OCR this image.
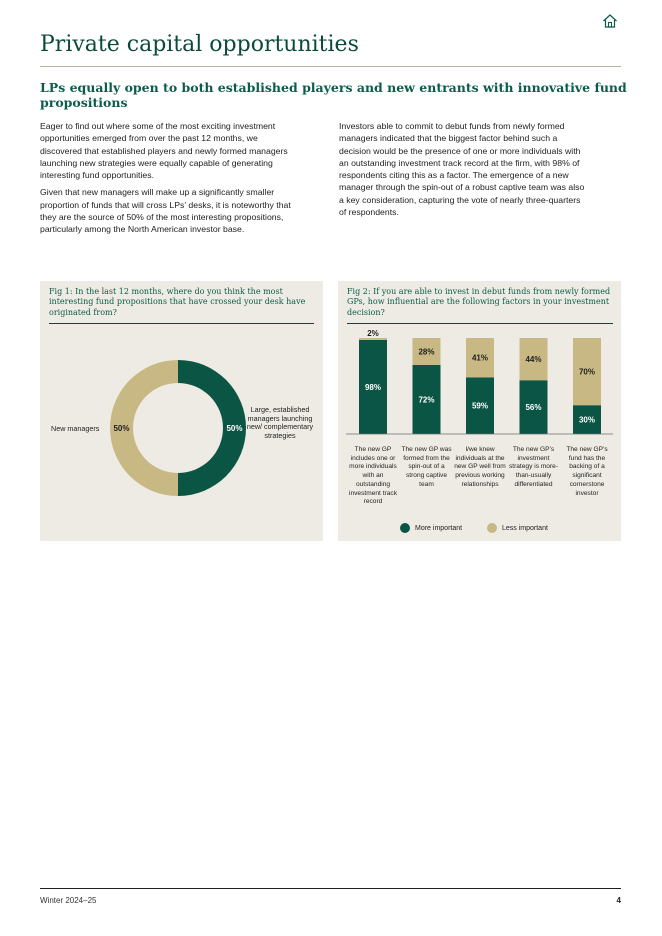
Private capital opportunities
LPs equally open to both established players and new entrants with innovative fund propositions

Eager to find out where some of the most exciting investment opportunities emerged from over the past 12 months, we discovered that established players and newly formed managers launching new strategies were equally capable of generating interesting fund opportunities.

Given that new managers will make up a significantly smaller proportion of funds that will cross LPs’ desks, it is noteworthy that they are the source of 50% of the most interesting propositions, particularly among the North American investor base.

Investors able to commit to debut funds from newly formed managers indicated that the biggest factor behind such a decision would be the presence of one or more individuals with an outstanding investment track record at the firm, with 98% of respondents citing this as a factor. The emergence of a new manager through the spin-out of a robust captive team was also a key consideration, capturing the vote of nearly three-quarters of respondents.

Fig 1: In the last 12 months, where do you think the most interesting fund propositions that have crossed your desk have originated from?
50%	50%
New managers
Large, established managers launching new/ complementary strategies
Fig 2: If you are able to invest in debut funds from newly formed GPs, how influential are the following factors in your investment decision?
98%
2%
72%
28%
59%
41%
56%
44%
30%
70%
The new GP includes one or more individuals with an outstanding investment track record
The new GP was formed from the spin-out of a strong captive team
I/we knew individuals at the new GP well from previous working relationships
The new GP’s investment strategy is more-than-usually differentiated
The new GP’s fund has the backing of a significant cornerstone investor
More important	Less important
Winter 2024–25	4
